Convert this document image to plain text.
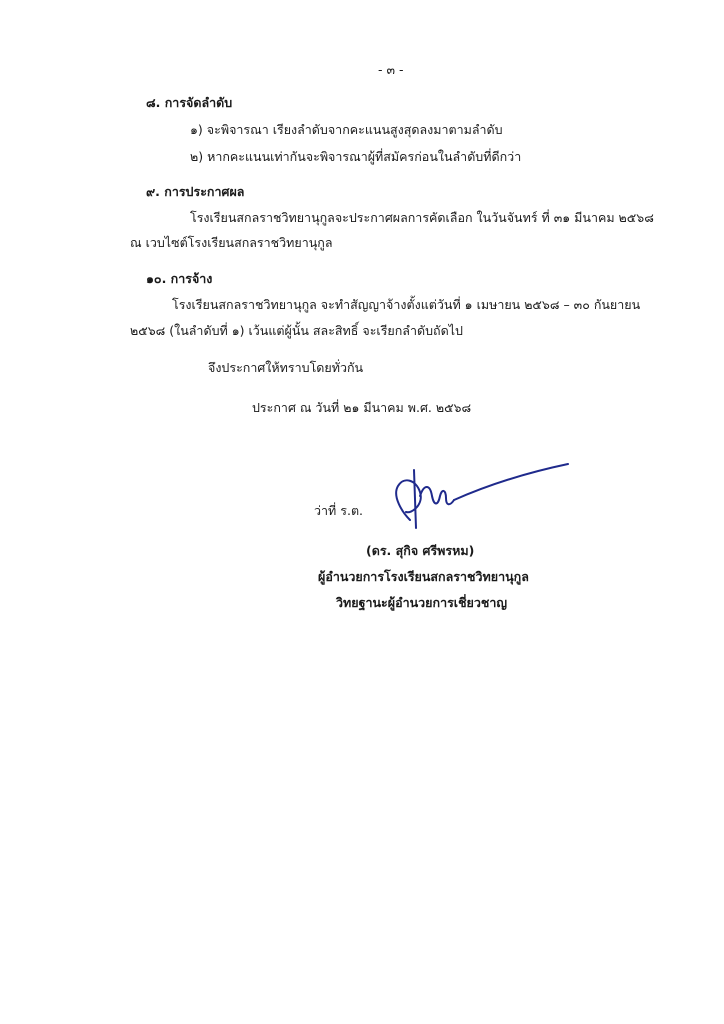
- ๓ -
๘. การจัดลำดับ
๑) จะพิจารณา เรียงลำดับจากคะแนนสูงสุดลงมาตามลำดับ
๒) หากคะแนนเท่ากันจะพิจารณาผู้ที่สมัครก่อนในลำดับที่ดีกว่า
๙. การประกาศผล
โรงเรียนสกลราชวิทยานุกูลจะประกาศผลการคัดเลือก ในวันจันทร์ ที่ ๓๑ มีนาคม ๒๕๖๘
ณ เวบไซต์โรงเรียนสกลราชวิทยานุกูล
๑๐. การจ้าง
โรงเรียนสกลราชวิทยานุกูล จะทำสัญญาจ้างตั้งแต่วันที่ ๑ เมษายน ๒๕๖๘ – ๓๐ กันยายน
๒๕๖๘ (ในลำดับที่ ๑) เว้นแต่ผู้นั้น สละสิทธิ์ จะเรียกลำดับถัดไป
จึงประกาศให้ทราบโดยทั่วกัน
ประกาศ ณ วันที่ ๒๑ มีนาคม พ.ศ. ๒๕๖๘
ว่าที่ ร.ต.
(ดร. สุกิจ ศรีพรหม)
ผู้อำนวยการโรงเรียนสกลราชวิทยานุกูล
วิทยฐานะผู้อำนวยการเชี่ยวชาญ
